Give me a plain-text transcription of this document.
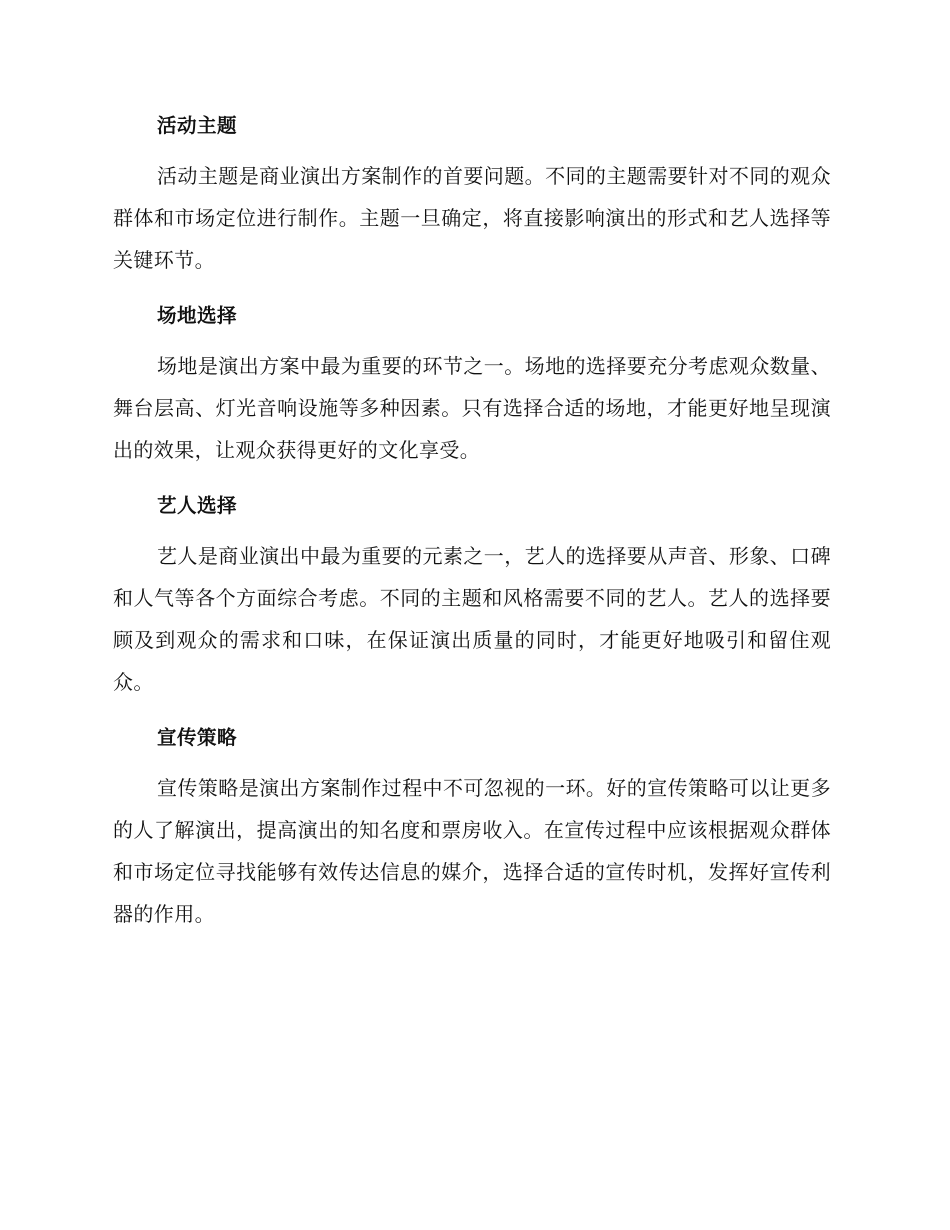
活动主题

活动主题是商业演出方案制作的首要问题。不同的主题需要针对不同的观众群体和市场定位进行制作。主题一旦确定，将直接影响演出的形式和艺人选择等关键环节。

场地选择

场地是演出方案中最为重要的环节之一。场地的选择要充分考虑观众数量、舞台层高、灯光音响设施等多种因素。只有选择合适的场地，才能更好地呈现演出的效果，让观众获得更好的文化享受。

艺人选择

艺人是商业演出中最为重要的元素之一，艺人的选择要从声音、形象、口碑和人气等各个方面综合考虑。不同的主题和风格需要不同的艺人。艺人的选择要顾及到观众的需求和口味，在保证演出质量的同时，才能更好地吸引和留住观众。

宣传策略

宣传策略是演出方案制作过程中不可忽视的一环。好的宣传策略可以让更多的人了解演出，提高演出的知名度和票房收入。在宣传过程中应该根据观众群体和市场定位寻找能够有效传达信息的媒介，选择合适的宣传时机，发挥好宣传利器的作用。
